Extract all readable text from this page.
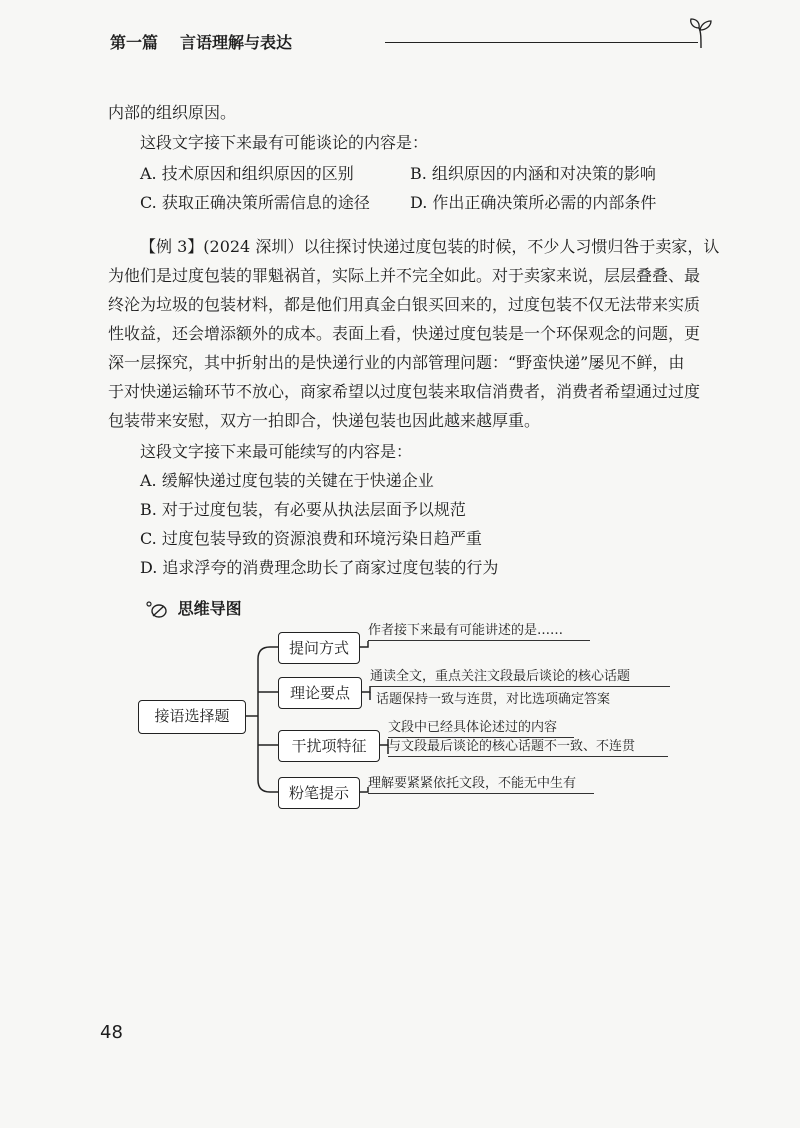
第一篇 言语理解与表达

内部的组织原因。

这段文字接下来最有可能谈论的内容是：

A. 技术原因和组织原因的区别	B. 组织原因的内涵和对决策的影响
C. 获取正确决策所需信息的途径	D. 作出正确决策所必需的内部条件

【例 3】(2024 深圳）以往探讨快递过度包装的时候，不少人习惯归咎于卖家，认

为他们是过度包装的罪魁祸首，实际上并不完全如此。对于卖家来说，层层叠叠、最

终沦为垃圾的包装材料，都是他们用真金白银买回来的，过度包装不仅无法带来实质

性收益，还会增添额外的成本。表面上看，快递过度包装是一个环保观念的问题，更

深一层探究，其中折射出的是快递行业的内部管理问题：“野蛮快递”屡见不鲜，由

于对快递运输环节不放心，商家希望以过度包装来取信消费者，消费者希望通过过度

包装带来安慰，双方一拍即合，快递包装也因此越来越厚重。

这段文字接下来最可能续写的内容是：

A. 缓解快递过度包装的关键在于快递企业
B. 对于过度包装，有必要从执法层面予以规范
C. 过度包装导致的资源浪费和环境污染日趋严重
D. 追求浮夸的消费理念助长了商家过度包装的行为
思维导图
接语选择题
提问方式
理论要点
干扰项特征
粉笔提示
作者接下来最有可能讲述的是……
通读全文，重点关注文段最后谈论的核心话题
话题保持一致与连贯，对比选项确定答案
文段中已经具体论述过的内容
与文段最后谈论的核心话题不一致、不连贯
理解要紧紧依托文段，不能无中生有
48
